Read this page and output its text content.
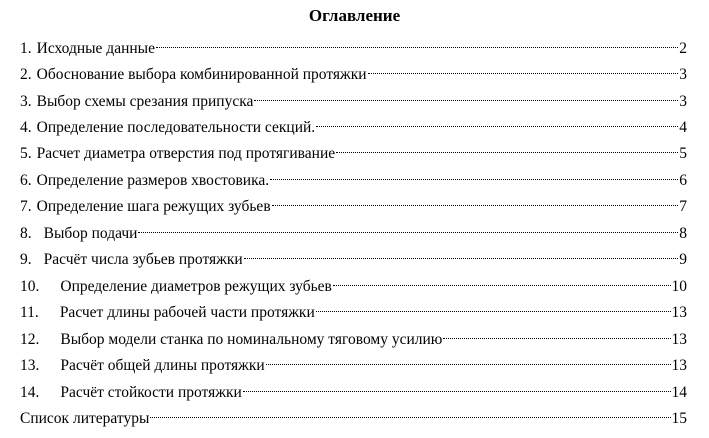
Оглавление
1. Исходные данные	2
2. Обоснование выбора комбинированной протяжки	3
3. Выбор схемы срезания припуска	3
4. Определение последовательности секций.	4
5. Расчет диаметра отверстия под протягивание	5
6. Определение размеров хвостовика.	6
7. Определение шага режущих зубьев	7
8. Выбор подачи	8
9. Расчёт числа зубьев протяжки	9
10. Определение диаметров режущих зубьев	10
11. Расчет длины рабочей части протяжки	13
12. Выбор модели станка по номинальному тяговому усилию	13
13. Расчёт общей длины протяжки	13
14. Расчёт стойкости протяжки	14
Список литературы	15
